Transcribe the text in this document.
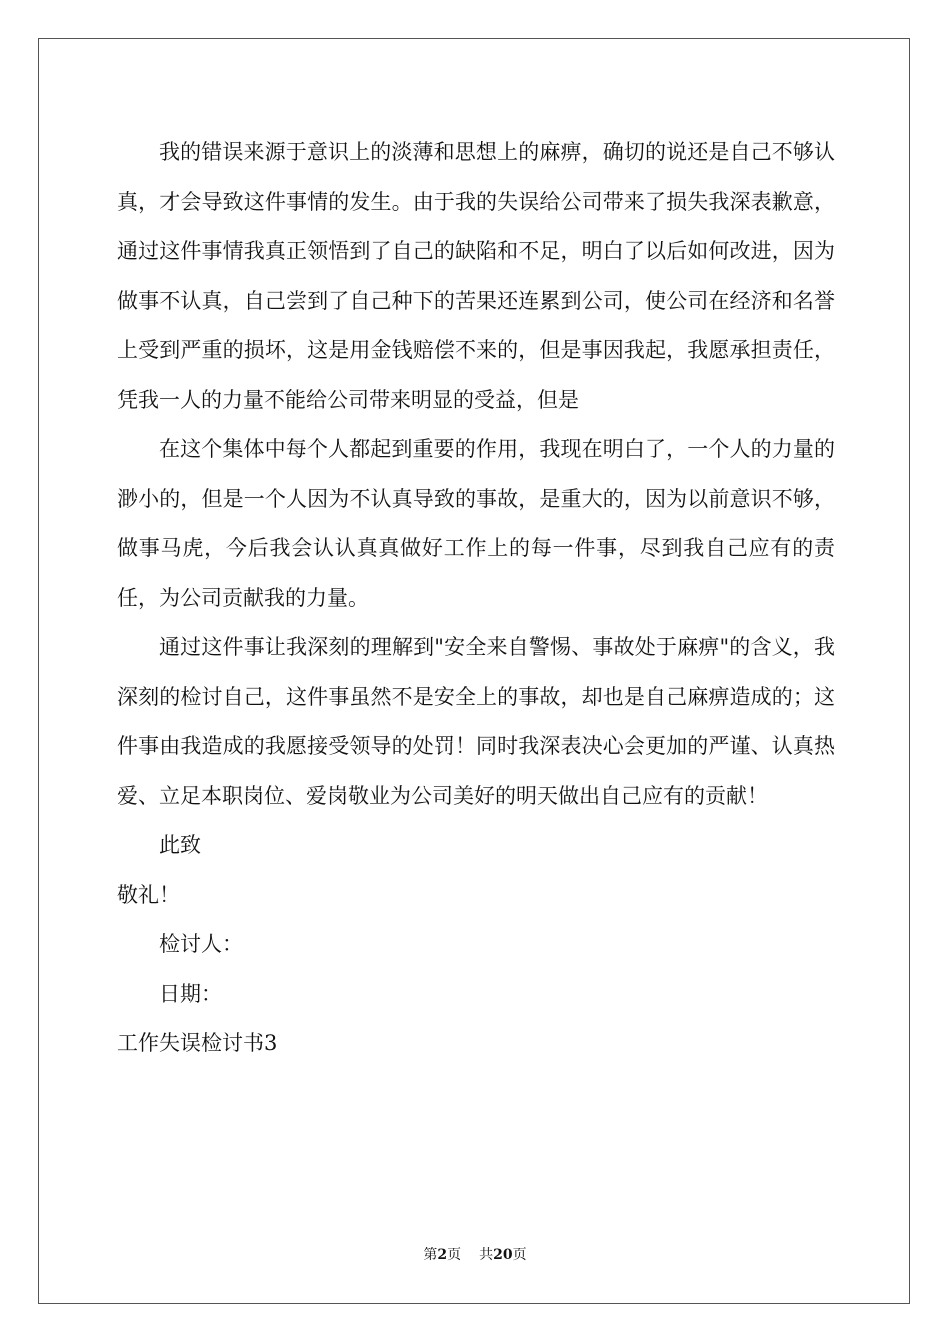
我的错误来源于意识上的淡薄和思想上的麻痹，确切的说还是自己不够认真，才会导致这件事情的发生。由于我的失误给公司带来了损失我深表歉意，通过这件事情我真正领悟到了自己的缺陷和不足，明白了以后如何改进，因为做事不认真，自己尝到了自己种下的苦果还连累到公司，使公司在经济和名誉上受到严重的损坏，这是用金钱赔偿不来的，但是事因我起，我愿承担责任，凭我一人的力量不能给公司带来明显的受益，但是

在这个集体中每个人都起到重要的作用，我现在明白了，一个人的力量的渺小的，但是一个人因为不认真导致的事故，是重大的，因为以前意识不够，做事马虎，今后我会认认真真做好工作上的每一件事，尽到我自己应有的责任，为公司贡献我的力量。

通过这件事让我深刻的理解到"安全来自警惕、事故处于麻痹"的含义，我深刻的检讨自己，这件事虽然不是安全上的事故，却也是自己麻痹造成的；这件事由我造成的我愿接受领导的处罚！同时我深表决心会更加的严谨、认真热爱、立足本职岗位、爱岗敬业为公司美好的明天做出自己应有的贡献！

此致

敬礼！

检讨人：

日期：

工作失误检讨书3

第2页 共20页
